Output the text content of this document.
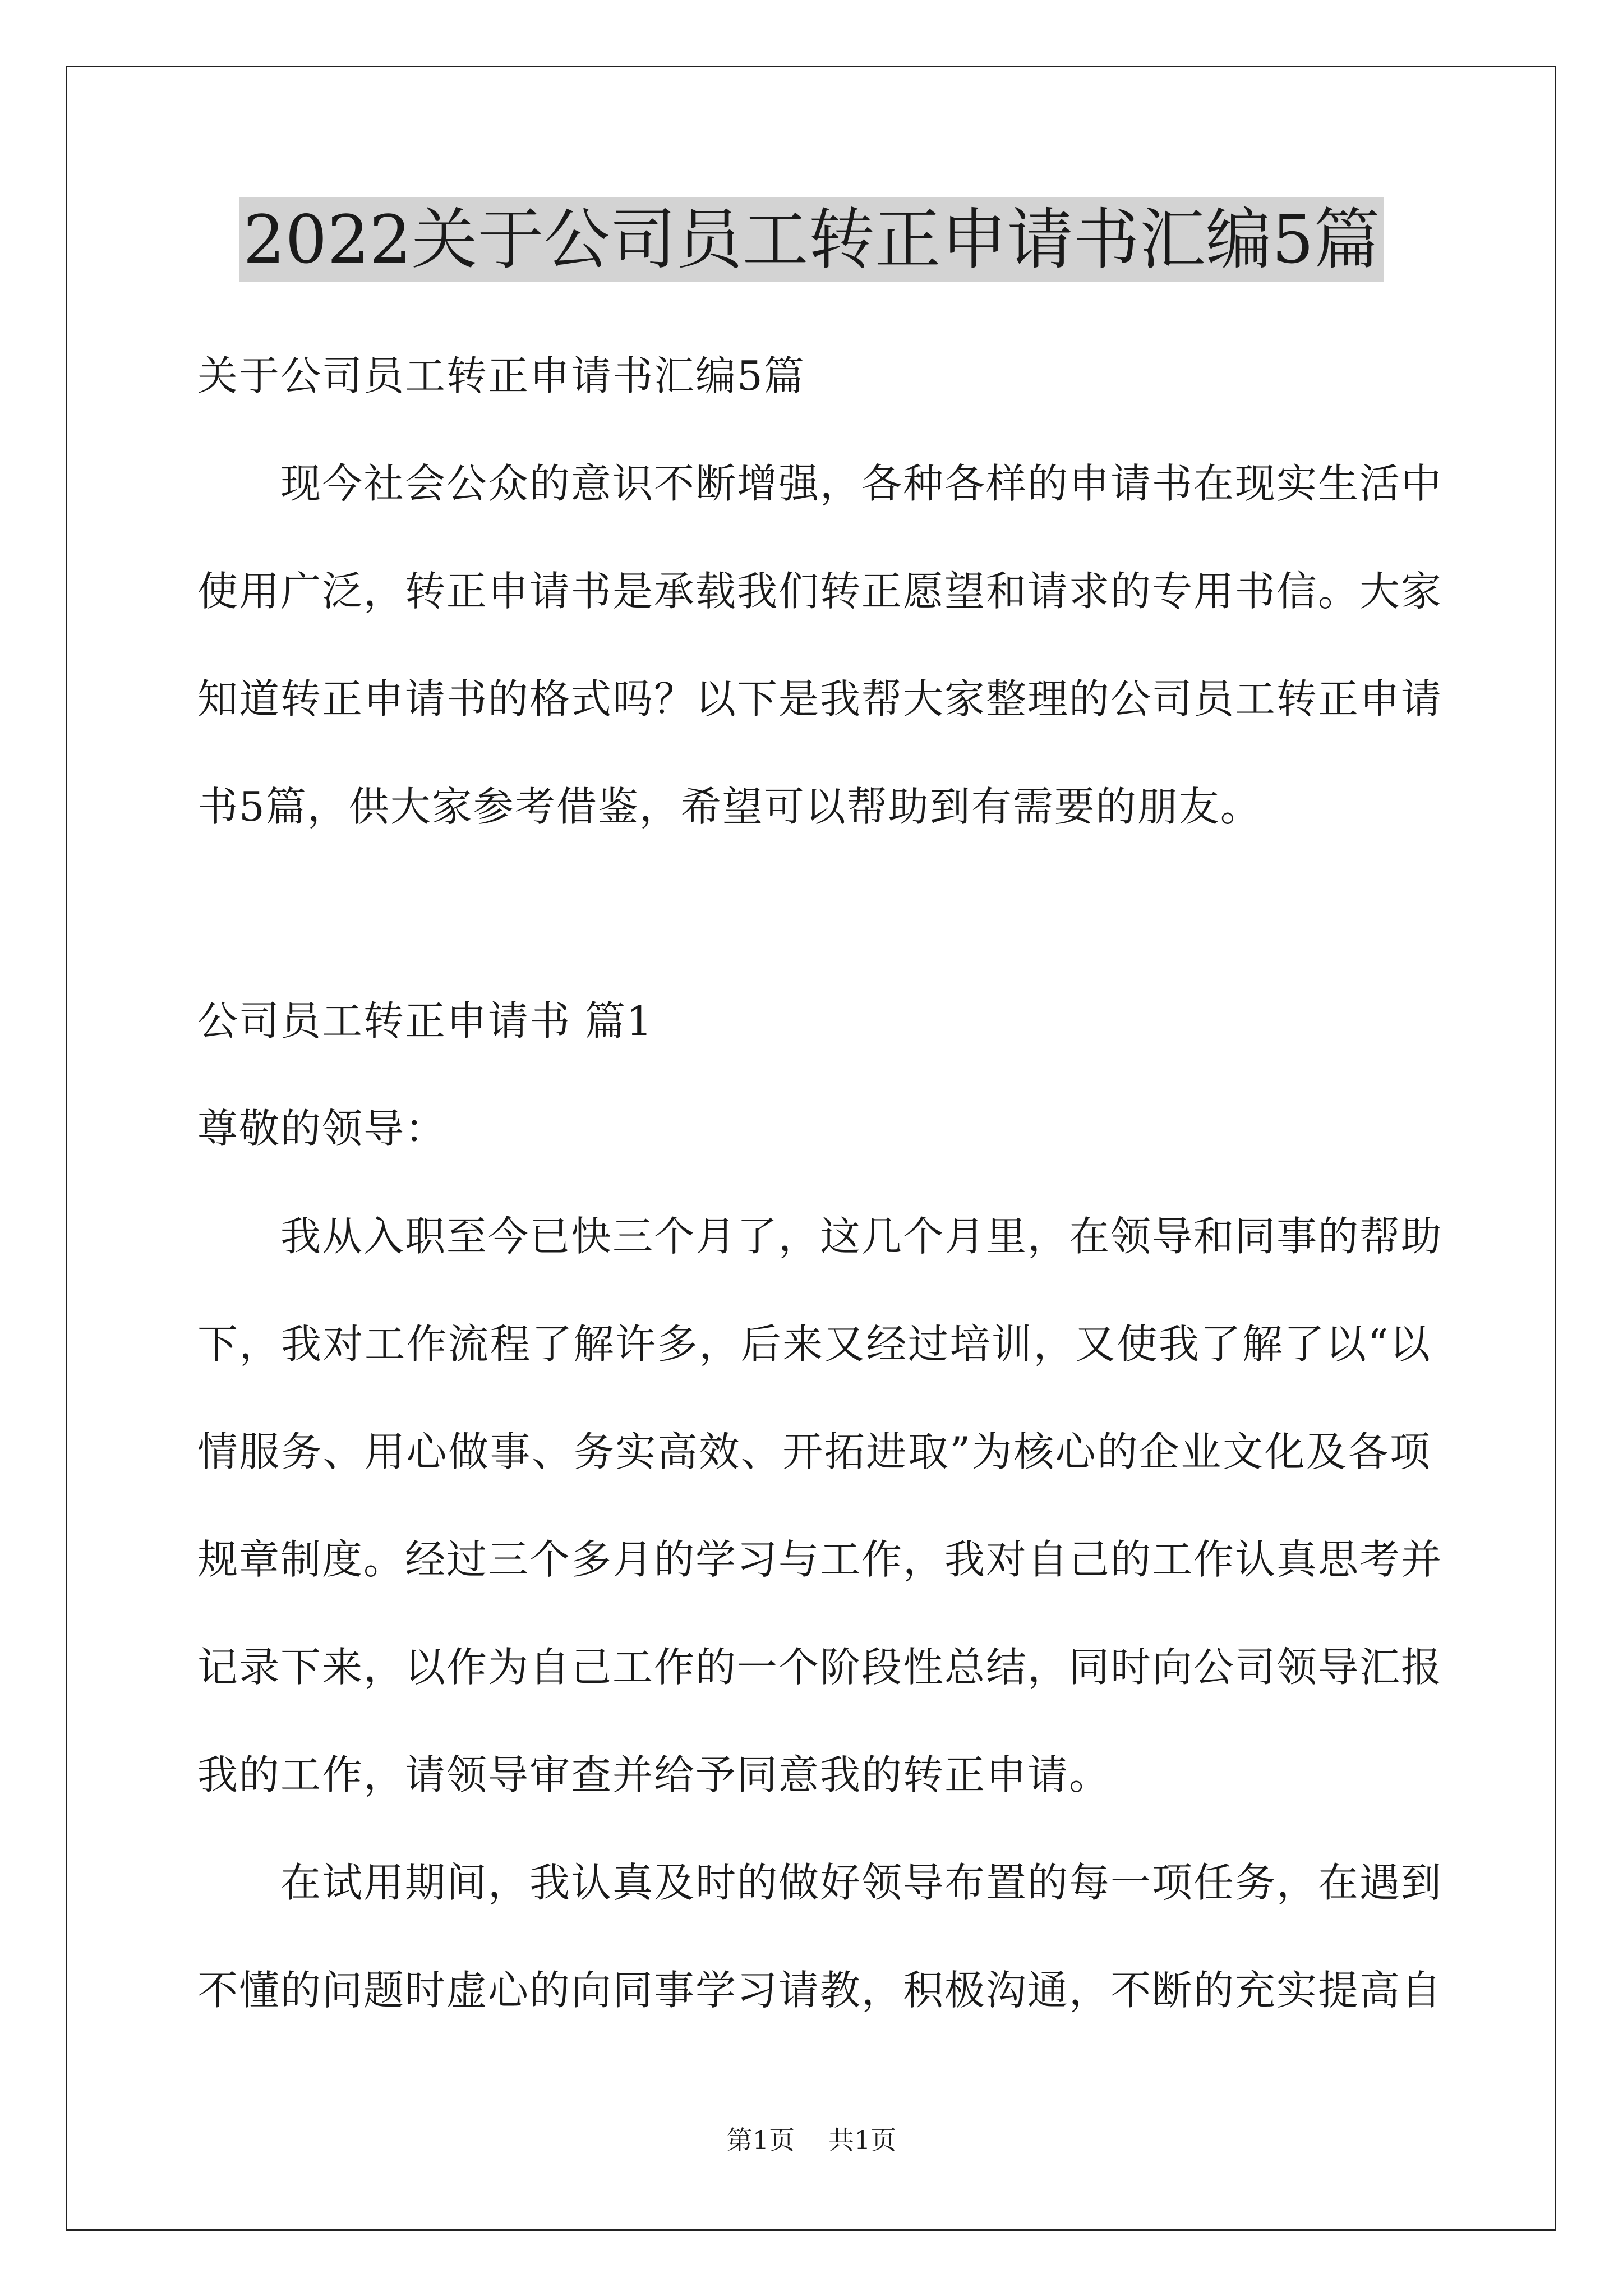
2022关于公司员工转正申请书汇编5篇
关于公司员工转正申请书汇编5篇
现今社会公众的意识不断增强，各种各样的申请书在现实生活中
使用广泛，转正申请书是承载我们转正愿望和请求的专用书信。大家
知道转正申请书的格式吗？以下是我帮大家整理的公司员工转正申请
书5篇，供大家参考借鉴，希望可以帮助到有需要的朋友。
公司员工转正申请书 篇1
尊敬的领导：
我从入职至今已快三个月了，这几个月里，在领导和同事的帮助
下，我对工作流程了解许多，后来又经过培训，又使我了解了以“以
情服务、用心做事、务实高效、开拓进取”为核心的企业文化及各项
规章制度。经过三个多月的学习与工作，我对自己的工作认真思考并
记录下来，以作为自己工作的一个阶段性总结，同时向公司领导汇报
我的工作，请领导审查并给予同意我的转正申请。
在试用期间，我认真及时的做好领导布置的每一项任务，在遇到
不懂的问题时虚心的向同事学习请教，积极沟通，不断的充实提高自
第1页 共1页
